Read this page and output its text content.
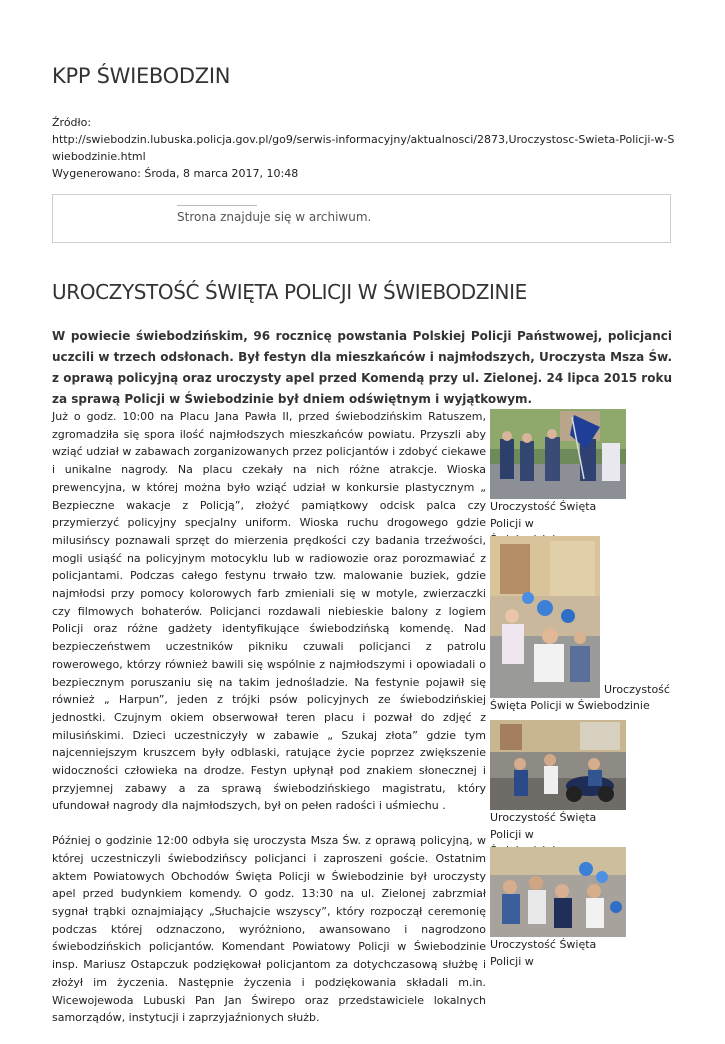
KPP ŚWIEBODZIN
Źródło:
http://swiebodzin.lubuska.policja.gov.pl/go9/serwis-informacyjny/aktualnosci/2873,Uroczystosc-Swieta-Policji-w-Swiebodzinie.html
Wygenerowano: Środa, 8 marca 2017, 10:48
Strona znajduje się w archiwum.
UROCZYSTOŚĆ ŚWIĘTA POLICJI W ŚWIEBODZINIE

W powiecie świebodzińskim, 96 rocznicę powstania Polskiej Policji Państwowej, policjanci uczcili w trzech odsłonach. Był festyn dla mieszkańców i najmłodszych, Uroczysta Msza Św. z oprawą policyjną oraz uroczysty apel przed Komendą przy ul. Zielonej. 24 lipca 2015 roku za sprawą Policji w Świebodzinie był dniem odświętnym i wyjątkowym.

Już o godz. 10:00 na Placu Jana Pawła II, przed świebodzińskim Ratuszem, zgromadziła się spora ilość najmłodszych mieszkańców powiatu. Przyszli aby wziąć udział w zabawach zorganizowanych przez policjantów i zdobyć ciekawe i unikalne nagrody. Na placu czekały na nich różne atrakcje. Wioska prewencyjna, w której można było wziąć udział w konkursie plastycznym „ Bezpieczne wakacje z Policją”, złożyć pamiątkowy odcisk palca czy przymierzyć policyjny specjalny uniform. Wioska ruchu drogowego gdzie milusińscy poznawali sprzęt do mierzenia prędkości czy badania trzeźwości, mogli usiąść na policyjnym motocyklu lub w radiowozie oraz porozmawiać z policjantami. Podczas całego festynu trwało tzw. malowanie buziek, gdzie najmłodsi przy pomocy kolorowych farb zmieniali się w motyle, zwierzaczki czy filmowych bohaterów. Policjanci rozdawali niebieskie balony z logiem Policji oraz różne gadżety identyfikujące świebodzińską komendę. Nad bezpieczeństwem uczestników pikniku czuwali policjanci z patrolu rowerowego, którzy również bawili się wspólnie z najmłodszymi i opowiadali o bezpiecznym poruszaniu się na takim jednośladzie. Na festynie pojawił się również „ Harpun”, jeden z trójki psów policyjnych ze świebodzińskiej jednostki. Czujnym okiem obserwował teren placu i pozwał do zdjęć z milusińskimi. Dzieci uczestniczyły w zabawie „ Szukaj złota” gdzie tym najcenniejszym kruszcem były odblaski, ratujące życie poprzez zwiększenie widoczności człowieka na drodze. Festyn upłynął pod znakiem słonecznej i przyjemnej zabawy a za sprawą świebodzińskiego magistratu, który ufundował nagrody dla najmłodszych, był on pełen radości i uśmiechu .

Później o godzinie 12:00 odbyła się uroczysta Msza Św. z oprawą policyjną, w której uczestniczyli świebodzińscy policjanci i zaproszeni goście. Ostatnim aktem Powiatowych Obchodów Święta Policji w Świebodzinie był uroczysty apel przed budynkiem komendy. O godz. 13:30 na ul. Zielonej zabrzmiał sygnał trąbki oznajmiający „Słuchajcie wszyscy”, który rozpoczął ceremonię podczas której odznaczono, wyróżniono, awansowano i nagrodzono świebodzińskich policjantów. Komendant Powiatowy Policji w Świebodzinie insp. Mariusz Ostapczuk podziękował policjantom za dotychczasową służbę i złożył im życzenia. Następnie życzenia i podziękowania składali m.in. Wicewojewoda Lubuski Pan Jan Świrepo oraz przedstawiciele lokalnych samorządów, instytucji i zaprzyjaźnionych służb.

Uroczystość Święta Policji w
Uroczystość
Święta Policji w Świebodzinie
Uroczystość Święta Policji w
Uroczystość Święta Policji w
